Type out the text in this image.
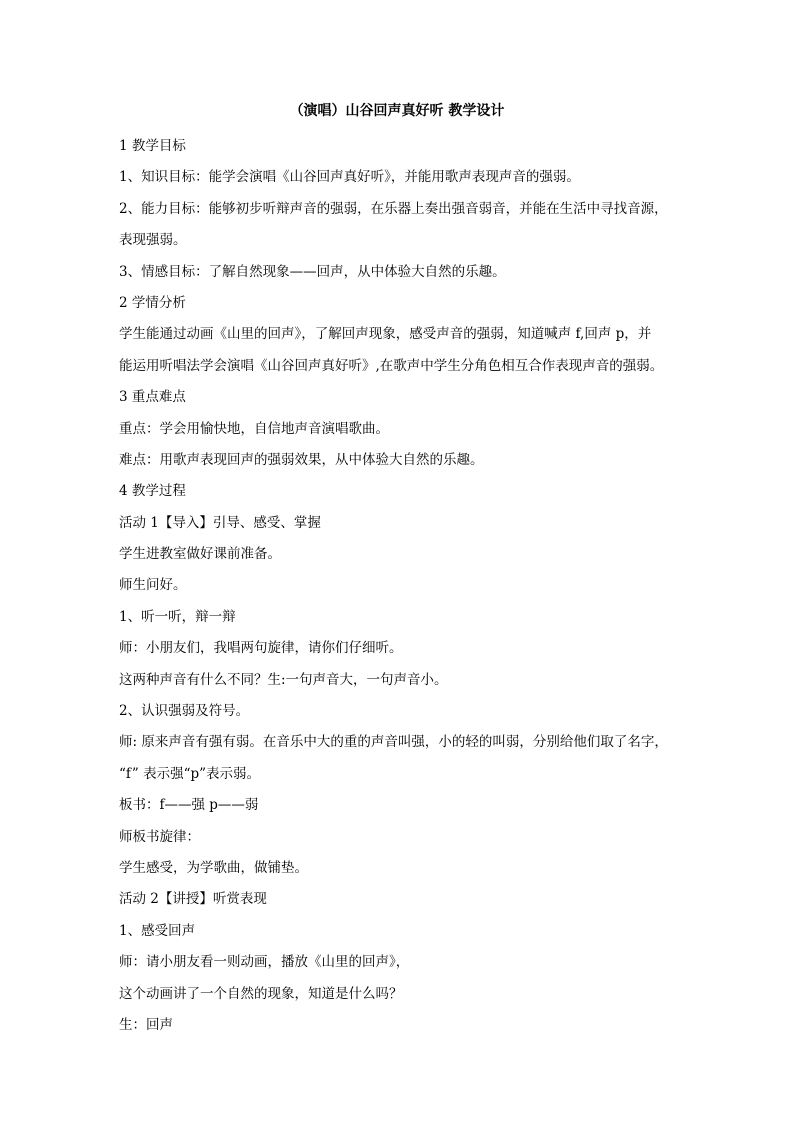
（演唱）山谷回声真好听 教学设计
1 教学目标
1、知识目标：能学会演唱《山谷回声真好听》，并能用歌声表现声音的强弱。
2、能力目标：能够初步听辩声音的强弱，在乐器上奏出强音弱音，并能在生活中寻找音源，
表现强弱。
3、情感目标：了解自然现象——回声，从中体验大自然的乐趣。
2 学情分析
学生能通过动画《山里的回声》，了解回声现象，感受声音的强弱，知道喊声 f,回声 p，并
能运用听唱法学会演唱《山谷回声真好听》,在歌声中学生分角色相互合作表现声音的强弱。
3 重点难点
重点：学会用愉快地，自信地声音演唱歌曲。
难点：用歌声表现回声的强弱效果，从中体验大自然的乐趣。
4 教学过程
活动 1【导入】引导、感受、掌握
学生进教室做好课前准备。
师生问好。
1、听一听，辩一辩
师：小朋友们，我唱两句旋律，请你们仔细听。
这两种声音有什么不同？生:一句声音大，一句声音小。
2、认识强弱及符号。
师: 原来声音有强有弱。在音乐中大的重的声音叫强，小的轻的叫弱，分别给他们取了名字，
“f” 表示强“p”表示弱。
板书：f——强 p——弱
师板书旋律：
学生感受，为学歌曲，做铺垫。
活动 2【讲授】听赏表现
1、感受回声
师：请小朋友看一则动画，播放《山里的回声》，
这个动画讲了一个自然的现象，知道是什么吗？
生：回声
